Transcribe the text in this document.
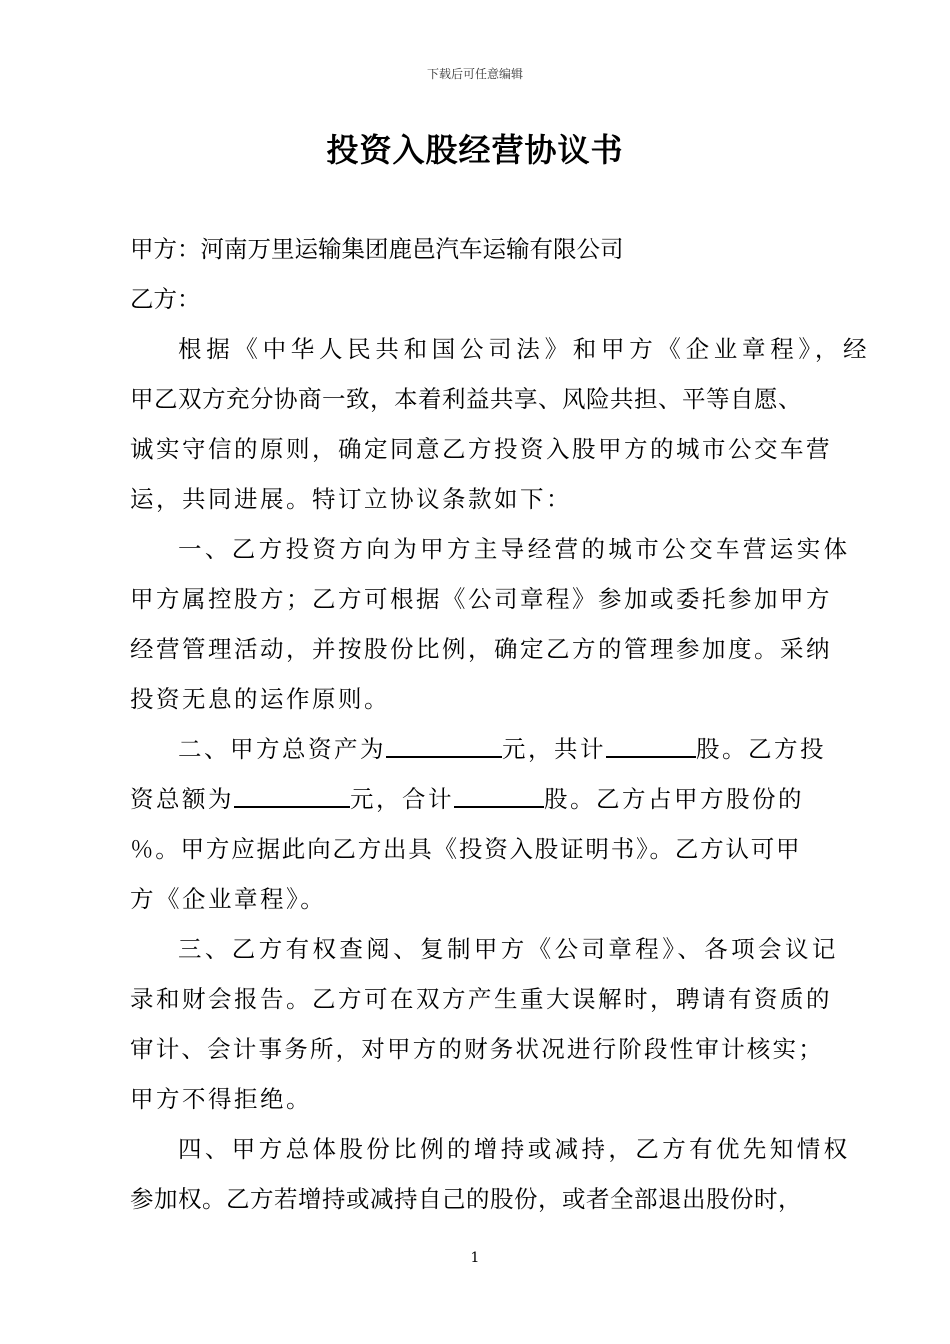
下载后可任意编辑
投资入股经营协议书
甲方：河南万里运输集团鹿邑汽车运输有限公司
乙方：
根据《中华人民共和国公司法》和甲方《企业章程》，经
甲乙双方充分协商一致，本着利益共享、风险共担、平等自愿、
诚实守信的原则，确定同意乙方投资入股甲方的城市公交车营
运，共同进展。特订立协议条款如下：
一、乙方投资方向为甲方主导经营的城市公交车营运实体
甲方属控股方；乙方可根据《公司章程》参加或委托参加甲方
经营管理活动，并按股份比例，确定乙方的管理参加度。采纳
投资无息的运作原则。
二、甲方总资产为	元，共计	股。乙方投
资总额为	元，合计	股。乙方占甲方股份的
％。甲方应据此向乙方出具《投资入股证明书》。乙方认可甲
方《企业章程》。
三、乙方有权查阅、复制甲方《公司章程》、各项会议记
录和财会报告。乙方可在双方产生重大误解时，聘请有资质的
审计、会计事务所，对甲方的财务状况进行阶段性审计核实；
甲方不得拒绝。
四、甲方总体股份比例的增持或减持，乙方有优先知情权
参加权。乙方若增持或减持自己的股份，或者全部退出股份时，
1
